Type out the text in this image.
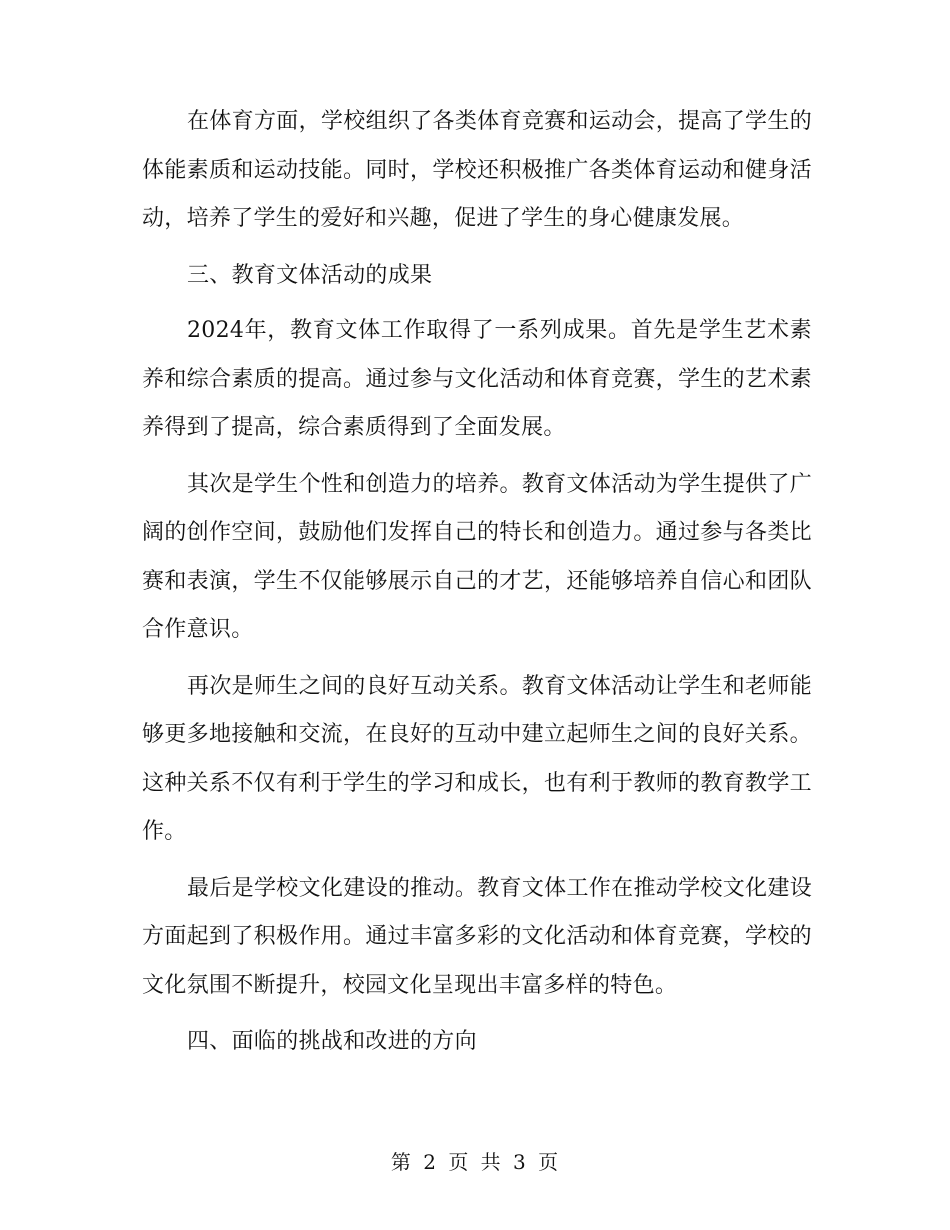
在体育方面，学校组织了各类体育竞赛和运动会，提高了学生的体能素质和运动技能。同时，学校还积极推广各类体育运动和健身活动，培养了学生的爱好和兴趣，促进了学生的身心健康发展。

三、教育文体活动的成果

2024年，教育文体工作取得了一系列成果。首先是学生艺术素养和综合素质的提高。通过参与文化活动和体育竞赛，学生的艺术素养得到了提高，综合素质得到了全面发展。

其次是学生个性和创造力的培养。教育文体活动为学生提供了广阔的创作空间，鼓励他们发挥自己的特长和创造力。通过参与各类比赛和表演，学生不仅能够展示自己的才艺，还能够培养自信心和团队合作意识。

再次是师生之间的良好互动关系。教育文体活动让学生和老师能够更多地接触和交流，在良好的互动中建立起师生之间的良好关系。这种关系不仅有利于学生的学习和成长，也有利于教师的教育教学工作。

最后是学校文化建设的推动。教育文体工作在推动学校文化建设方面起到了积极作用。通过丰富多彩的文化活动和体育竞赛，学校的文化氛围不断提升，校园文化呈现出丰富多样的特色。

四、面临的挑战和改进的方向

第 2 页 共 3 页
